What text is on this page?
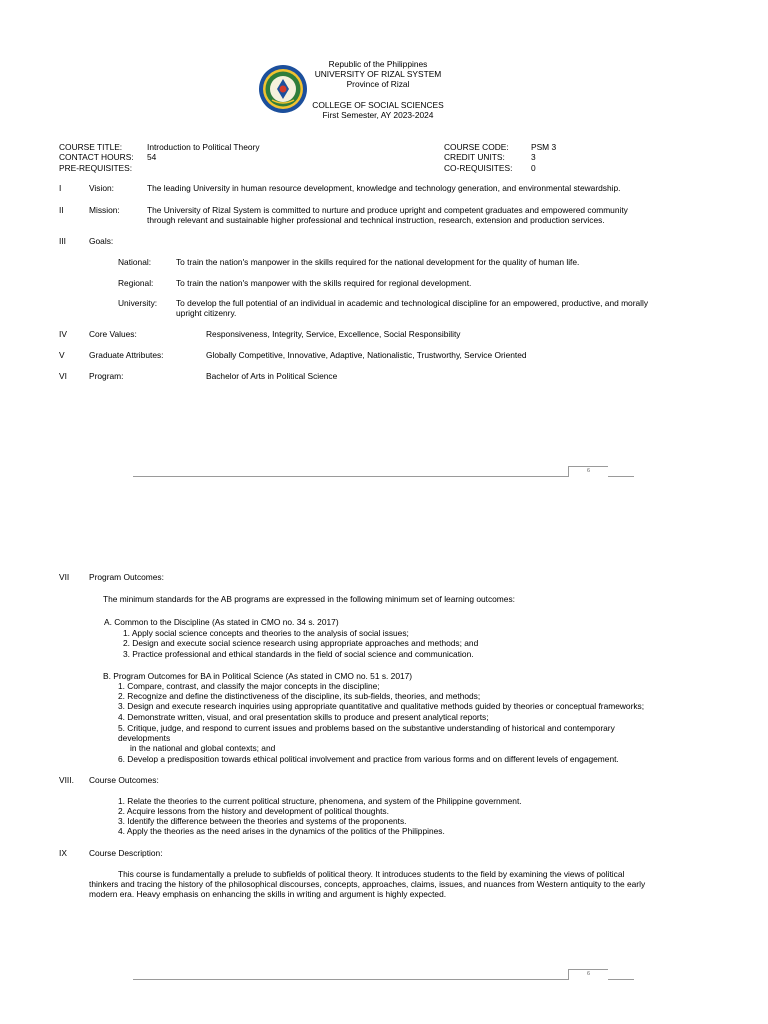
Republic of the Philippines
UNIVERSITY OF RIZAL SYSTEM
Province of Rizal
COLLEGE OF SOCIAL SCIENCES
First Semester, AY 2023-2024
COURSE TITLE:	Introduction to Political Theory
CONTACT HOURS: 54
PRE-REQUISITES:
COURSE CODE:	PSM 3
CREDIT UNITS:	3
CO-REQUISITES: 0
I	Vision:	The leading University in human resource development, knowledge and technology generation, and environmental stewardship.
II	Mission:	The University of Rizal System is committed to nurture and produce upright and competent graduates and empowered community
through relevant and sustainable higher professional and technical instruction, research, extension and production services.
III	Goals:
National:	To train the nation's manpower in the skills required for the national development for the quality of human life.
Regional:	To train the nation's manpower with the skills required for regional development.
University: To develop the full potential of an individual in academic and technological discipline for an empowered, productive, and morally
upright citizenry.
IV	Core Values:	Responsiveness, Integrity, Service, Excellence, Social Responsibility
V	Graduate Attributes:	Globally Competitive, Innovative, Adaptive, Nationalistic, Trustworthy, Service Oriented
VI	Program:	Bachelor of Arts in Political Science
6
VII Program Outcomes:
The minimum standards for the AB programs are expressed in the following minimum set of learning outcomes:
A. Common to the Discipline (As stated in CMO no. 34 s. 2017)
1. Apply social science concepts and theories to the analysis of social issues;
2. Design and execute social science research using appropriate approaches and methods; and
3. Practice professional and ethical standards in the field of social science and communication.
B. Program Outcomes for BA in Political Science (As stated in CMO no. 51 s. 2017)
1. Compare, contrast, and classify the major concepts in the discipline;
2. Recognize and define the distinctiveness of the discipline, its sub-fields, theories, and methods;
3. Design and execute research inquiries using appropriate quantitative and qualitative methods guided by theories or conceptual frameworks;
4. Demonstrate written, visual, and oral presentation skills to produce and present analytical reports;
5. Critique, judge, and respond to current issues and problems based on the substantive understanding of historical and contemporary
developments
in the national and global contexts; and
6. Develop a predisposition towards ethical political involvement and practice from various forms and on different levels of engagement.
VIII. Course Outcomes:
1. Relate the theories to the current political structure, phenomena, and system of the Philippine government.
2. Acquire lessons from the history and development of political thoughts.
3. Identify the difference between the theories and systems of the proponents.
4. Apply the theories as the need arises in the dynamics of the politics of the Philippines.
IX	Course Description:
This course is fundamentally a prelude to subfields of political theory. It introduces students to the field by examining the views of political
thinkers and tracing the history of the philosophical discourses, concepts, approaches, claims, issues, and nuances from Western antiquity to the early
modern era. Heavy emphasis on enhancing the skills in writing and argument is highly expected.
6
